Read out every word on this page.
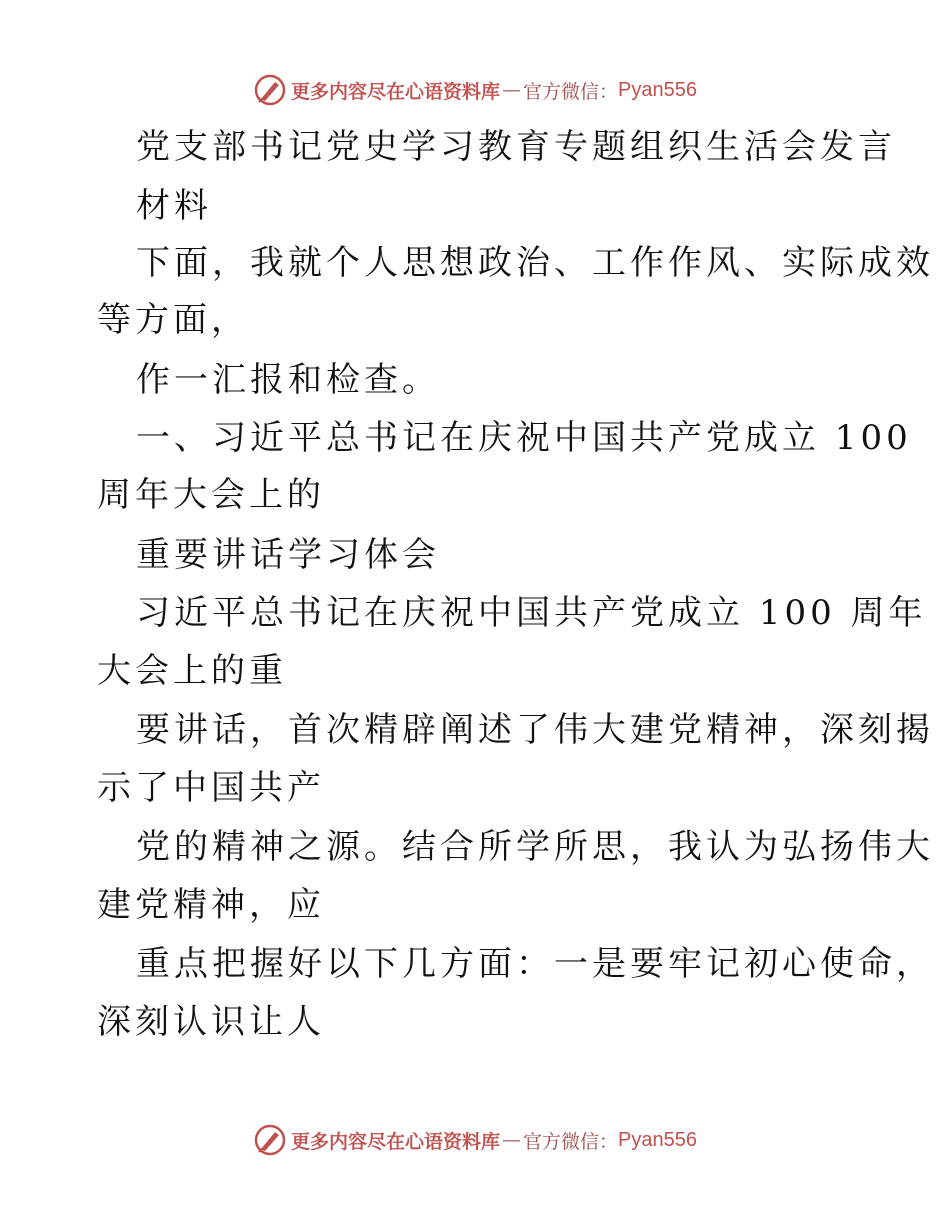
更多内容尽在心语资料库 — 官方微信： Pyan556
党支部书记党史学习教育专题组织生活会发言
材料
下面，我就个人思想政治、工作作风、实际成效
等方面，
作一汇报和检查。
一、习近平总书记在庆祝中国共产党成立 100
周年大会上的
重要讲话学习体会
习近平总书记在庆祝中国共产党成立 100 周年
大会上的重
要讲话，首次精辟阐述了伟大建党精神，深刻揭
示了中国共产
党的精神之源。结合所学所思，我认为弘扬伟大
建党精神，应
重点把握好以下几方面：一是要牢记初心使命，
深刻认识让人
更多内容尽在心语资料库 — 官方微信： Pyan556
